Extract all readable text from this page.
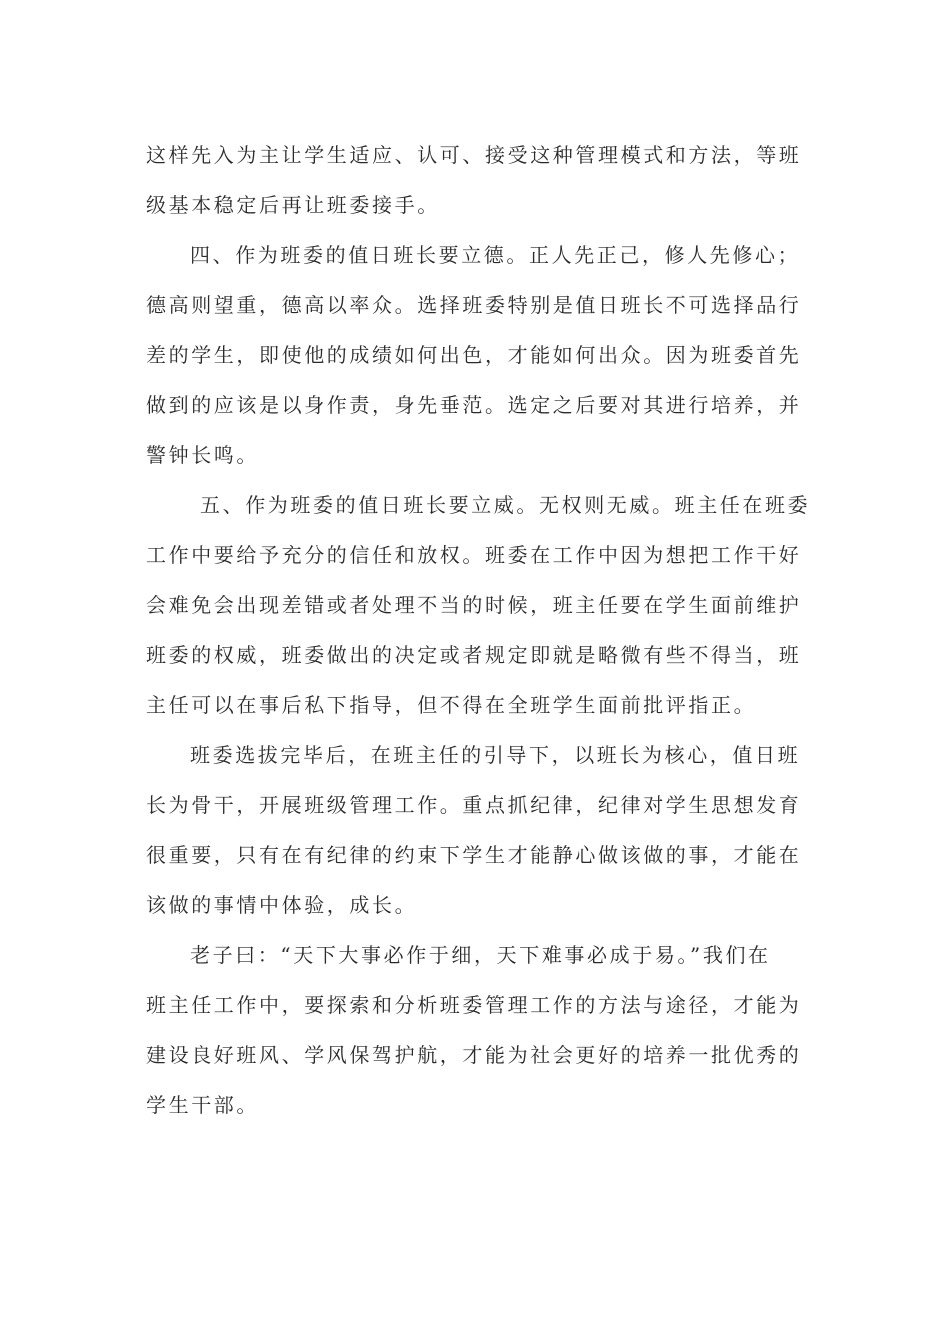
这样先入为主让学生适应、认可、接受这种管理模式和方法，等班
级基本稳定后再让班委接手。
四、作为班委的值日班长要立德。正人先正己，修人先修心；
德高则望重，德高以率众。选择班委特别是值日班长不可选择品行
差的学生，即使他的成绩如何出色，才能如何出众。因为班委首先
做到的应该是以身作责，身先垂范。选定之后要对其进行培养，并
警钟长鸣。
五、作为班委的值日班长要立威。无权则无威。班主任在班委
工作中要给予充分的信任和放权。班委在工作中因为想把工作干好
会难免会出现差错或者处理不当的时候，班主任要在学生面前维护
班委的权威，班委做出的决定或者规定即就是略微有些不得当，班
主任可以在事后私下指导，但不得在全班学生面前批评指正。
班委选拔完毕后，在班主任的引导下，以班长为核心，值日班
长为骨干，开展班级管理工作。重点抓纪律，纪律对学生思想发育
很重要，只有在有纪律的约束下学生才能静心做该做的事，才能在
该做的事情中体验，成长。
老子曰：“天下大事必作于细，天下难事必成于易。”我们在
班主任工作中，要探索和分析班委管理工作的方法与途径，才能为
建设良好班风、学风保驾护航，才能为社会更好的培养一批优秀的
学生干部。
